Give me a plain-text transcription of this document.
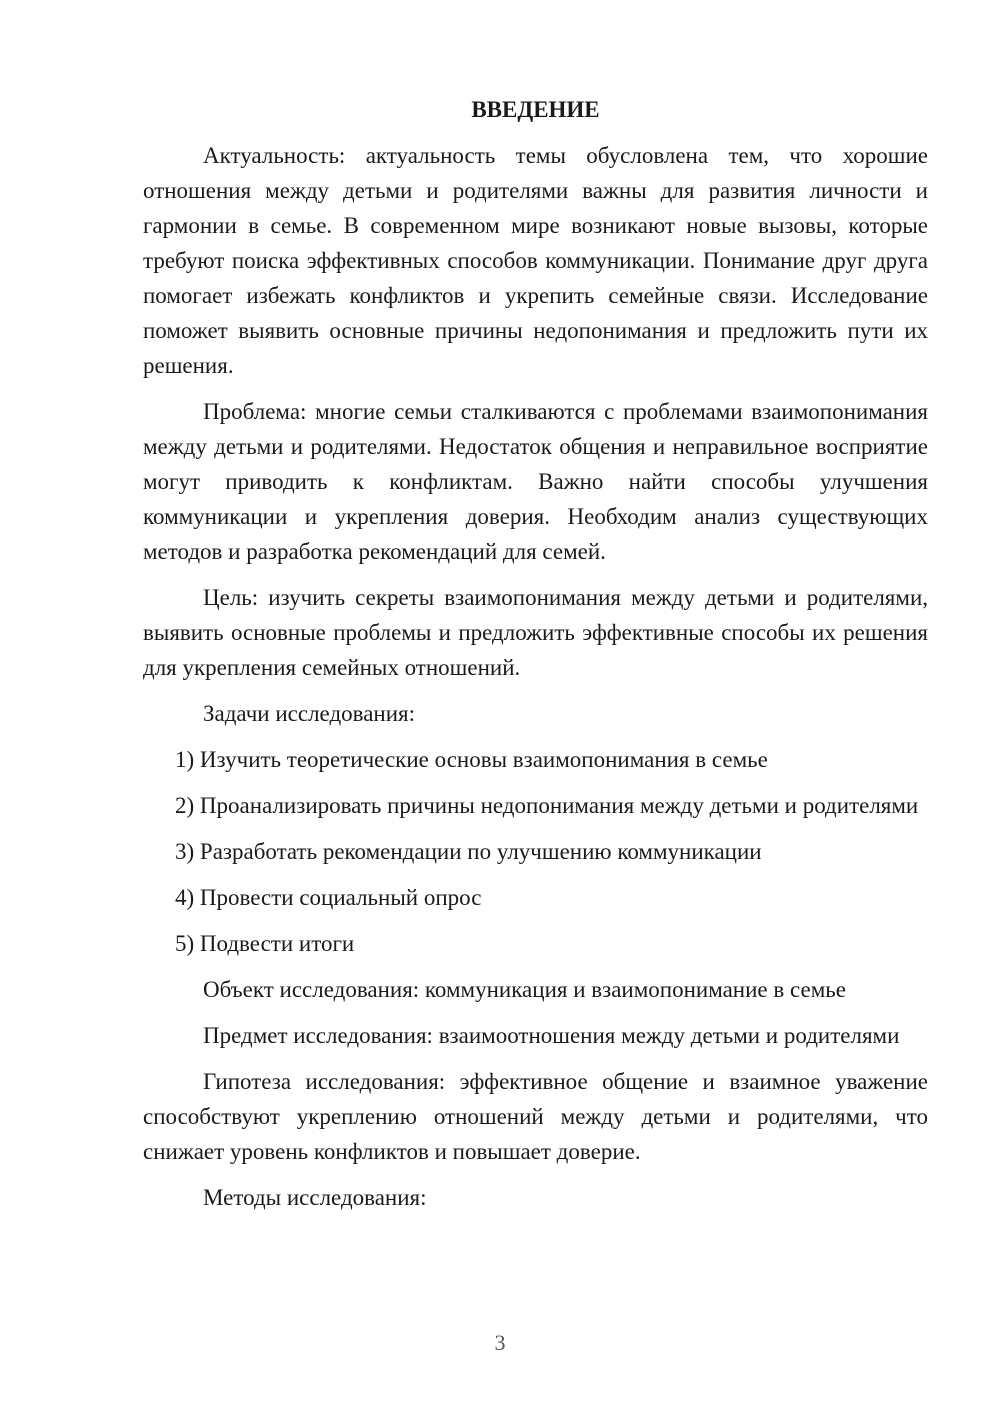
ВВЕДЕНИЕ
Актуальность: актуальность темы обусловлена тем, что хорошие отношения между детьми и родителями важны для развития личности и гармонии в семье. В современном мире возникают новые вызовы, которые требуют поиска эффективных способов коммуникации. Понимание друг друга помогает избежать конфликтов и укрепить семейные связи. Исследование поможет выявить основные причины недопонимания и предложить пути их решения.
Проблема: многие семьи сталкиваются с проблемами взаимопонимания между детьми и родителями. Недостаток общения и неправильное восприятие могут приводить к конфликтам. Важно найти способы улучшения коммуникации и укрепления доверия. Необходим анализ существующих методов и разработка рекомендаций для семей.
Цель: изучить секреты взаимопонимания между детьми и родителями, выявить основные проблемы и предложить эффективные способы их решения для укрепления семейных отношений.
Задачи исследования:
1) Изучить теоретические основы взаимопонимания в семье
2) Проанализировать причины недопонимания между детьми и родителями
3) Разработать рекомендации по улучшению коммуникации
4) Провести социальный опрос
5) Подвести итоги
Объект исследования: коммуникация и взаимопонимание в семье
Предмет исследования: взаимоотношения между детьми и родителями
Гипотеза исследования: эффективное общение и взаимное уважение способствуют укреплению отношений между детьми и родителями, что снижает уровень конфликтов и повышает доверие.
Методы исследования:
3
